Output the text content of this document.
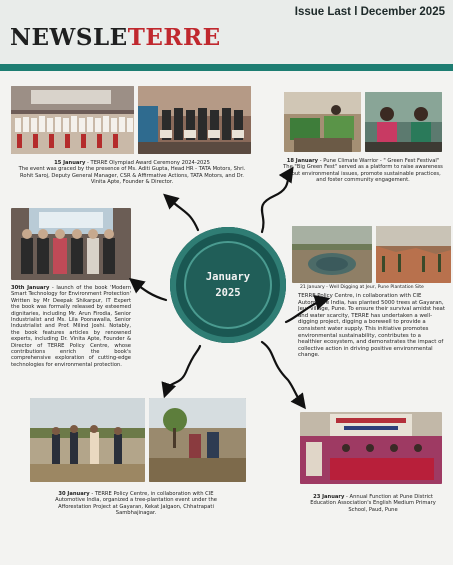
Issue Last l December 2025
NEWSLETERRE
15 January - TERRE Olympiad Award Ceremony 2024-2025
The event was graced by the presence of Ms. Aditi Gupta, Head HR - TATA Motors, Shri. Rohit Saroj, Deputy General Manager, CSR & Affirmative Actions, TATA Motors, and Dr. Vinita Apte, Founder & Director.
18 January - Pune Climate Warrior - " Green Fest Festival" The "Big Green Fest" served as a platform to raise awareness about environmental issues, promote sustainable practices, and foster community engagement.
30th January - launch of the book 'Modern Smart Technology for Environment Protection' Written by Mr Deepak Shikarpur, IT Expert the book was formally released by esteemed dignitaries, including Mr. Arun Firodia, Senior Industrialist and Ms. Lila Poonawalla, Senior Industrialist and Prof. Milind Joshi. Notably, the book features articles by renowned experts, including Dr. Vinita Apte, Founder & Director of TERRE Policy Centre, whose contributions enrich the book's comprehensive exploration of cutting-edge technologies for environmental protection.
21 January - Well Digging at Jeur, Pune Plantation Site
TERRE Policy Centre, in collaboration with CIE Automotive India, has planted 5000 trees at Gayaran, Jeur village, Pune. To ensure their survival amidst heat and water scarcity, TERRE has undertaken a well-digging project, digging a borewell to provide a consistent water supply. This initiative promotes environmental sustainability, contributes to a healthier ecosystem, and demonstrates the impact of collective action in driving positive environmental change.
30 January - TERRE Policy Centre, in collaboration with CIE Automotive India, organized a tree-plantation event under the Afforestation Project at Gayaran, Kekat Jalgaon, Chhatrapati Sambhajinagar.
23 January - Annual Function at Pune District Education Association's English Medium Primary School, Paud, Pune
January
2025
